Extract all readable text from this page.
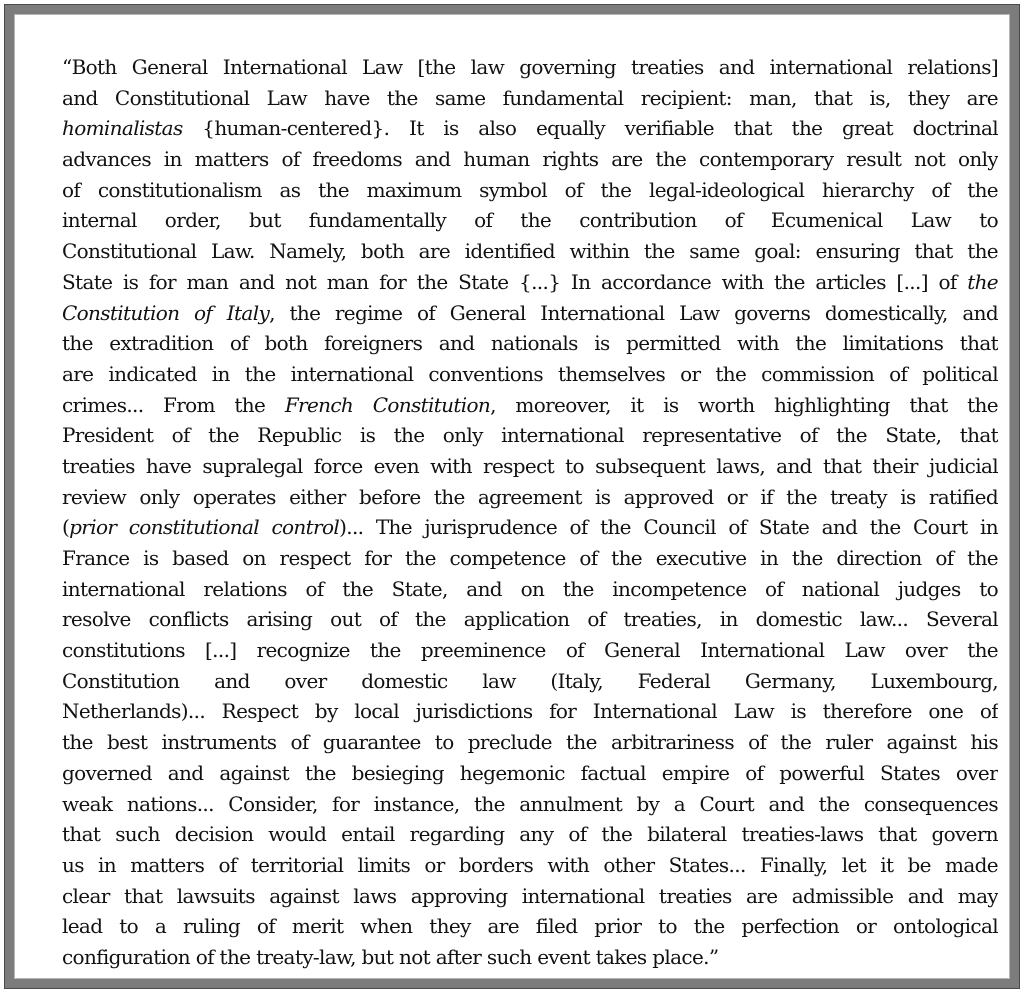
“Both General International Law [the law governing treaties and international relations]
and Constitutional Law have the same fundamental recipient: man, that is, they are
hominalistas {human-centered}. It is also equally verifiable that the great doctrinal
advances in matters of freedoms and human rights are the contemporary result not only
of constitutionalism as the maximum symbol of the legal-ideological hierarchy of the
internal order, but fundamentally of the contribution of Ecumenical Law to
Constitutional Law. Namely, both are identified within the same goal: ensuring that the
State is for man and not man for the State {...} In accordance with the articles [...] of the
Constitution of Italy, the regime of General International Law governs domestically, and
the extradition of both foreigners and nationals is permitted with the limitations that
are indicated in the international conventions themselves or the commission of political
crimes... From the French Constitution, moreover, it is worth highlighting that the
President of the Republic is the only international representative of the State, that
treaties have supralegal force even with respect to subsequent laws, and that their judicial
review only operates either before the agreement is approved or if the treaty is ratified
(prior constitutional control)... The jurisprudence of the Council of State and the Court in
France is based on respect for the competence of the executive in the direction of the
international relations of the State, and on the incompetence of national judges to
resolve conflicts arising out of the application of treaties, in domestic law... Several
constitutions [...] recognize the preeminence of General International Law over the
Constitution and over domestic law (Italy, Federal Germany, Luxembourg,
Netherlands)... Respect by local jurisdictions for International Law is therefore one of
the best instruments of guarantee to preclude the arbitrariness of the ruler against his
governed and against the besieging hegemonic factual empire of powerful States over
weak nations... Consider, for instance, the annulment by a Court and the consequences
that such decision would entail regarding any of the bilateral treaties-laws that govern
us in matters of territorial limits or borders with other States... Finally, let it be made
clear that lawsuits against laws approving international treaties are admissible and may
lead to a ruling of merit when they are filed prior to the perfection or ontological
configuration of the treaty-law, but not after such event takes place.”
